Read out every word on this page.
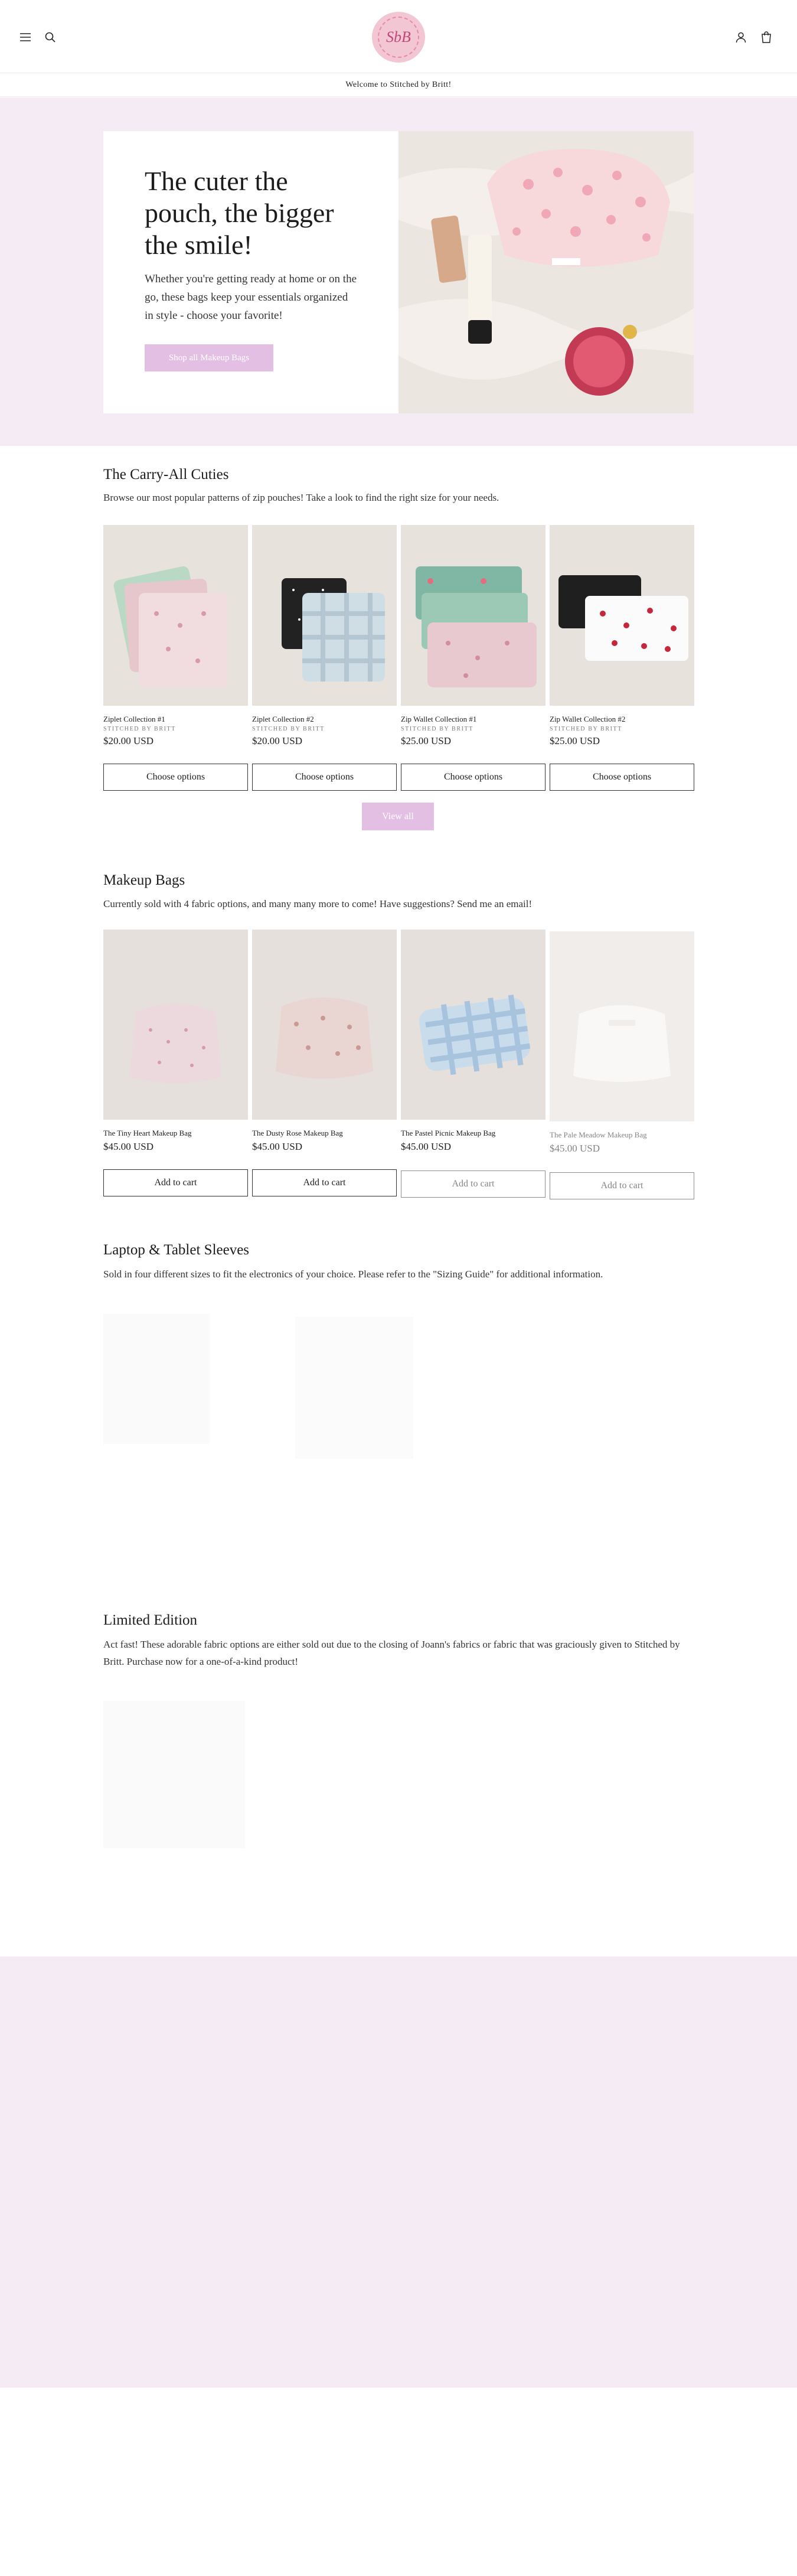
SbB
Welcome to Stitched by Britt!
The cuter the pouch, the bigger the smile!

Whether you're getting ready at home or on the go, these bags keep your essentials organized in style - choose your favorite!

Shop all Makeup Bags
The Carry-All Cuties

Browse our most popular patterns of zip pouches! Take a look to find the right size for your needs.

Ziplet Collection #1
STITCHED BY BRITT
$20.00 USD
Choose options
Ziplet Collection #2
STITCHED BY BRITT
$20.00 USD
Choose options
Zip Wallet Collection #1
STITCHED BY BRITT
$25.00 USD
Choose options
Zip Wallet Collection #2
STITCHED BY BRITT
$25.00 USD
Choose options
View all
Makeup Bags

Currently sold with 4 fabric options, and many many more to come! Have suggestions? Send me an email!

The Tiny Heart Makeup Bag
$45.00 USD
Add to cart
The Dusty Rose Makeup Bag
$45.00 USD
Add to cart
The Pastel Picnic Makeup Bag
$45.00 USD
Add to cart
The Pale Meadow Makeup Bag
$45.00 USD
Add to cart
Laptop & Tablet Sleeves

Sold in four different sizes to fit the electronics of your choice. Please refer to the "Sizing Guide" for additional information.

Limited Edition

Act fast! These adorable fabric options are either sold out due to the closing of Joann's fabrics or fabric that was graciously given to Stitched by Britt. Purchase now for a one-of-a-kind product!
